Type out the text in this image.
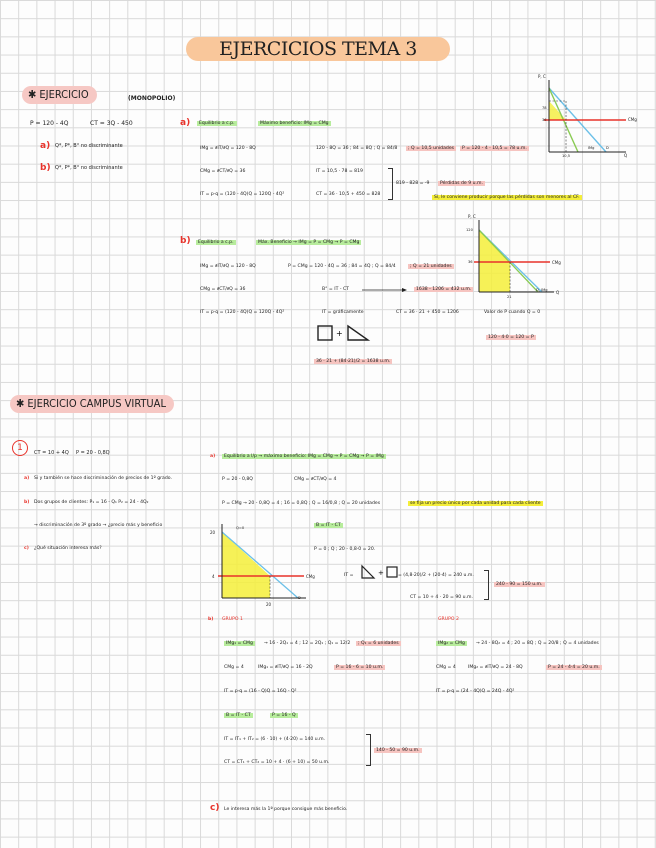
EJERCICIOS TEMA 3
✱ EJERCICIO	(MONOPOLIO)
P = 120 - 4Q	CT = 3Q - 450
a) Q*, P*, B° no discriminante
b) Q*, P*, B° no discriminante
a)	Equilibrio a c.p.	Máximo beneficio: IMg = CMg
IMg = ∂IT/∂Q = 120 - 8Q	120 - 8Q = 36 ; 84 = 8Q ; Q = 84/8	; Q = 10,5 unidades	P = 120 - 4 · 10,5 = 78 u.m.
CMg = ∂CT/∂Q = 36	IT = 10,5 · 78 = 819
IT = p·q = (120 - 4Q)Q = 120Q - 4Q²	CT = 36 · 10,5 + 450 = 828
819 - 828 = -9	Pérdidas de 9 u.m.
Sí, le conviene producir porque las pérdidas son menores al CF.
P, C
CMg
78
36
10,5
IMg	D
Q
b)	Equilibrio a c.p.	Máx. Beneficio → IMg = P = CMg → P = CMg
IMg = ∂IT/∂Q = 120 - 8Q	P = CMg = 120 - 4Q = 36 ; 84 = 4Q ; Q = 84/4	; Q = 21 unidades
CMg = ∂CT/∂Q = 36	B° = IT - CT	1638 - 1206 = 432 u.m.
IT = p·q = (120 - 4Q)Q = 120Q - 4Q²	IT = gráficamente	CT = 36 · 21 + 450 = 1206	Valor de P cuando Q = 0
120 - 4·0 = 120 = P
+
36 · 21 + (84·21)/2 = 1638 u.m.
P, C
120
36	CMg
21
D, IMg Q
✱ EJERCICIO CAMPUS VIRTUAL
1	CT = 10 + 4Q P = 20 - 0,8Q
a) Si y también se hace discriminación de precios de 1º grado.
b) Dos grupos de clientes: P₁ = 16 - Q₁ P₂ = 24 - 4Q₂
→ discriminación de 3º grado → ¿precio más y beneficio
c) ¿Qué situación interesa más?
a)	Equilibrio a l/p → máximo beneficio: IMg = CMg → P = CMg → P = IMg
P = 20 - 0,8Q	CMg = ∂CT/∂Q = 4
P = CMg → 20 - 0,8Q = 4 ; 16 = 0,8Q ; Q = 16/0,8 ; Q = 20 unidades	se fija un precio único por cada unidad para cada cliente
B = IT - CT
P = 0 ; Q ; 20 - 0,8·0 = 20.
IT =	+	= (4,8·20)/2 + (20·4) = 240 u.m.
240 - 90 = 150 u.m.
CT = 10 + 4 · 20 = 90 u.m.
20
4
20
CMg
Q=0
D
b) GRUPO 1	GRUPO 2
IMg₁ = CMg	→ 16 - 2Q₁ = 4 ; 12 = 2Q₁ ; Q₁ = 12/2	; Q₁ = 6 unidades
CMg = 4	IMg₁ = ∂IT/∂Q = 16 - 2Q	P = 16 - 6 = 10 u.m.
IT = p·q = (16 - Q)Q = 16Q - Q²
B = IT - CT	P = 16 - Q
IT = IT₁ + IT₂ = (6 · 10) + (4·20) = 140 u.m.
CT = CT₁ + CT₂ = 10 + 4 · (6 + 10) = 50 u.m.
140 - 50 = 90 u.m.
IMg₂ = CMg	→ 24 - 8Q₂ = 4 ; 20 = 8Q ; Q = 20/8 ; Q = 4 unidades
CMg = 4	IMg₂ = ∂IT/∂Q = 24 - 8Q	P = 24 - 4·4 = 20 u.m.
IT = p·q = (24 - 4Q)Q = 24Q - 4Q²
c) Le interesa más la 1ª porque consigue más beneficio.
